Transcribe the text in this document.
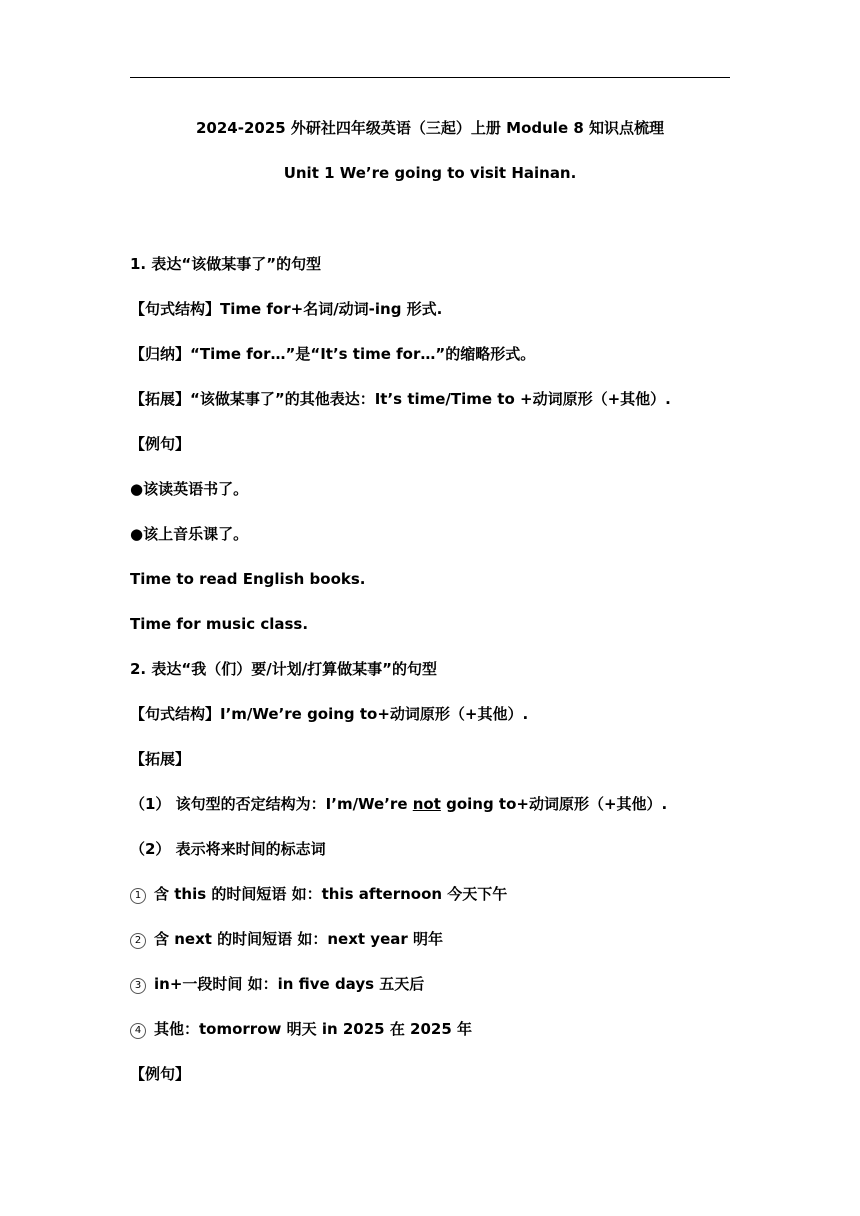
2024-2025 外研社四年级英语（三起）上册 Module 8 知识点梳理
Unit 1 We’re going to visit Hainan.
1. 表达“该做某事了”的句型
【句式结构】Time for+名词/动词-ing 形式.
【归纳】“Time for…”是“It’s time for…”的缩略形式。
【拓展】“该做某事了”的其他表达：It’s time/Time to +动词原形（+其他）.
【例句】
●该读英语书了。
●该上音乐课了。
Time to read English books.
Time for music class.
2. 表达“我（们）要/计划/打算做某事”的句型
【句式结构】I’m/We’re going to+动词原形（+其他）.
【拓展】
（1） 该句型的否定结构为：I’m/We’re not going to+动词原形（+其他）.
（2） 表示将来时间的标志词
1 含 this 的时间短语 如：this afternoon 今天下午
2 含 next 的时间短语 如：next year 明年
3 in+一段时间 如：in five days 五天后
4 其他：tomorrow 明天 in 2025 在 2025 年
【例句】
